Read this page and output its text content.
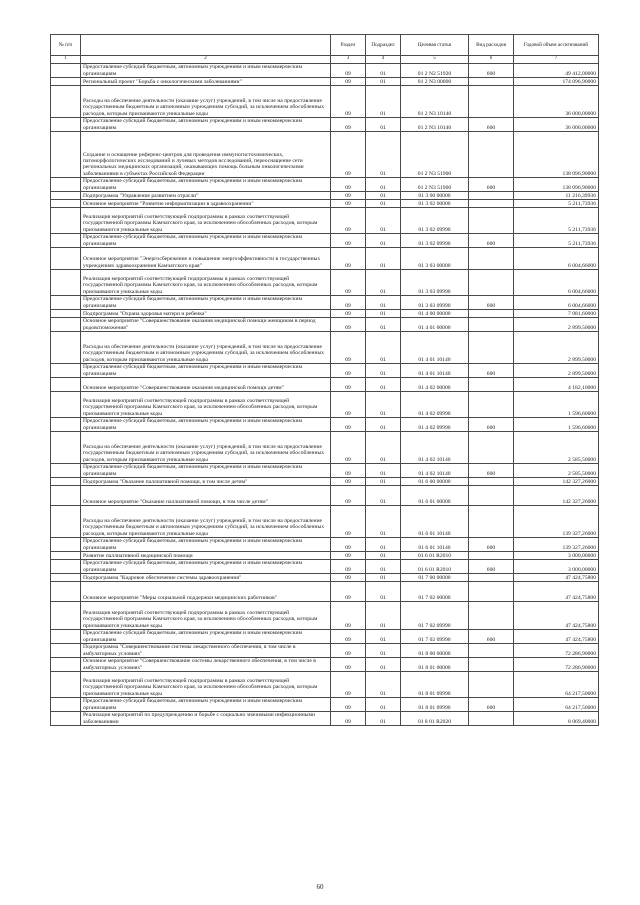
№ п/п		Раздел	Подраздел	Целевая статья	Вид расходов	Годовой объем ассигнований
1	2	3	4	5	6	7
	Предоставление субсидий бюджетным, автономным учреждениям и иным некоммерческим организациям	09	01	01 2 N2 51920	600	49 412,00000
	Региональный проект "Борьба с онкологическими заболеваниями"	09	01	01 2 N3 00000		174 096,90000
	Расходы на обеспечение деятельности (оказание услуг) учреждений, в том числе на предоставление государственным бюджетным и автономным учреждениям субсидий, за исключением обособленных расходов, которым присваиваются уникальные коды	09	01	01 2 N3 10140		36 000,00000
	Предоставление субсидий бюджетным, автономным учреждениям и иным некоммерческим организациям	09	01	01 2 N3 10140	600	36 000,00000
	Создание и оснащение референс-центров для проведения иммуногистохимических, патоморфологических исследований и лучевых методов исследований, переоснащение сети региональных медицинских организаций, оказывающих помощь больным онкологическими заболеваниями в субъектах Российской Федерации	09	01	01 2 N3 51900		138 096,90000
	Предоставление субсидий бюджетным, автономным учреждениям и иным некоммерческим организациям	09	01	01 2 N3 51900	600	138 096,90000
	Подпрограмма "Управление развитием отрасли"	09	01	01 3 00 00000		11 216,39936
	Основное мероприятие "Развитие информатизации в здравоохранении"	09	01	01 3 02 00000		5 211,73936
	Реализация мероприятий соответствующей подпрограммы в рамках соответствующей государственной программы Камчатского края, за исключением обособленных расходов, которым присваиваются уникальные коды	09	01	01 3 02 09990		5 211,73936
	Предоставление субсидий бюджетным, автономным учреждениям и иным некоммерческим организациям	09	01	01 3 02 09990	600	5 211,73936
	Основное мероприятие "Энергосбережение и повышение энергоэффективности в государственных учреждениях здравоохранения Камчатского края"	09	01	01 3 03 00000		6 004,66000
	Реализация мероприятий соответствующей подпрограммы в рамках соответствующей государственной программы Камчатского края, за исключением обособленных расходов, которым присваиваются уникальные коды	09	01	01 3 03 09990		6 004,66000
	Предоставление субсидий бюджетным, автономным учреждениям и иным некоммерческим организациям	09	01	01 3 03 09990	600	6 004,66000
	Подпрограмма "Охрана здоровья матери и ребенка"	09	01	01 4 00 00000		7 081,60000
	Основное мероприятие "Совершенствование оказания медицинской помощи женщинам в период родовспоможения"	09	01	01 4 01 00000		2 899,50000
	Расходы на обеспечение деятельности (оказание услуг) учреждений, в том числе на предоставление государственным бюджетным и автономным учреждениям субсидий, за исключением обособленных расходов, которым присваиваются уникальные коды	09	01	01 4 01 10140		2 899,50000
	Предоставление субсидий бюджетным, автономным учреждениям и иным некоммерческим организациям	09	01	01 4 01 10140	600	2 899,50000
	Основное мероприятие "Совершенствование оказания медицинской помощи детям"	09	01	01 4 02 00000		4 182,10000
	Реализация мероприятий соответствующей подпрограммы в рамках соответствующей государственной программы Камчатского края, за исключением обособленных расходов, которым присваиваются уникальные коды	09	01	01 4 02 09990		1 596,60000
	Предоставление субсидий бюджетным, автономным учреждениям и иным некоммерческим организациям	09	01	01 4 02 09990	600	1 596,60000
	Расходы на обеспечение деятельности (оказание услуг) учреждений, в том числе на предоставление государственным бюджетным и автономным учреждениям субсидий, за исключением обособленных расходов, которым присваиваются уникальные коды	09	01	01 4 02 10140		2 585,50000
	Предоставление субсидий бюджетным, автономным учреждениям и иным некоммерческим организациям	09	01	01 4 02 10140	600	2 585,50000
	Подпрограмма "Оказание паллиативной помощи, в том числе детям"	09	01	01 6 00 00000		142 327,26000
	Основное мероприятие "Оказание паллиативной помощи, в том числе детям"	09	01	01 6 01 00000		142 327,26000
	Расходы на обеспечение деятельности (оказание услуг) учреждений, в том числе на предоставление государственным бюджетным и автономным учреждениям субсидий, за исключением обособленных расходов, которым присваиваются уникальные коды	09	01	01 6 01 10140		139 327,26000
	Предоставление субсидий бюджетным, автономным учреждениям и иным некоммерческим организациям	09	01	01 6 01 10140	600	139 327,26000
	Развитие паллиативной медицинской помощи	09	01	01 6 01 R2010		3 000,00000
	Предоставление субсидий бюджетным, автономным учреждениям и иным некоммерческим организациям	09	01	01 6 01 R2010	600	3 000,00000
	Подпрограмма "Кадровое обеспечение системы здравоохранения"	09	01	01 7 00 00000		47 424,75800
	Основное мероприятие "Меры социальной поддержки медицинских работников"	09	01	01 7 02 00000		47 424,75800
	Реализация мероприятий соответствующей подпрограммы в рамках соответствующей государственной программы Камчатского края, за исключением обособленных расходов, которым присваиваются уникальные коды	09	01	01 7 02 09990		47 424,75800
	Предоставление субсидий бюджетным, автономным учреждениям и иным некоммерческим организациям	09	01	01 7 02 09990	600	47 424,75800
	Подпрограмма "Совершенствование системы лекарственного обеспечения, в том числе в амбулаторных условиях"	09	01	01 8 00 00000		72 286,90000
	Основное мероприятие "Совершенствование системы лекарственного обеспечения, в том числе в амбулаторных условиях"	09	01	01 8 01 00000		72 286,90000
	Реализация мероприятий соответствующей подпрограммы в рамках соответствующей государственной программы Камчатского края, за исключением обособленных расходов, которым присваиваются уникальные коды	09	01	01 8 01 09990		64 217,50000
	Предоставление субсидий бюджетным, автономным учреждениям и иным некоммерческим организациям	09	01	01 8 01 09990	600	64 217,50000
	Реализация мероприятий по предупреждению и борьбе с социально значимыми инфекционными заболеваниями	09	01	01 8 01 R2020		8 069,40000
60
